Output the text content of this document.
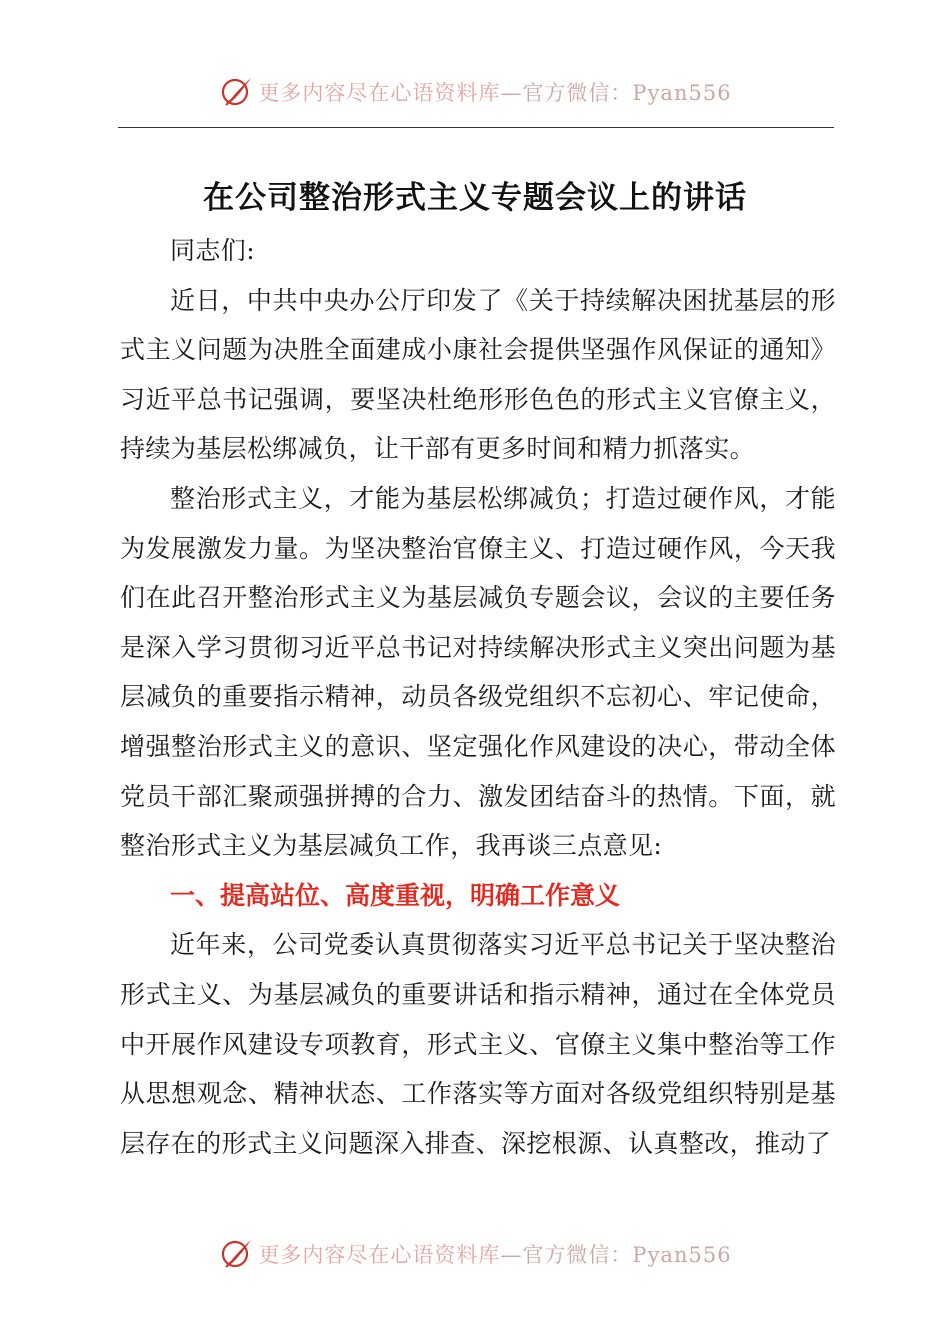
更多内容尽在心语资料库—官方微信：Pyan556
在公司整治形式主义专题会议上的讲话

同志们:

近日，中共中央办公厅印发了《关于持续解决困扰基层的形式主义问题为决胜全面建成小康社会提供坚强作风保证的通知》习近平总书记强调，要坚决杜绝形形色色的形式主义官僚主义，持续为基层松绑减负，让干部有更多时间和精力抓落实。

整治形式主义，才能为基层松绑减负；打造过硬作风，才能为发展激发力量。为坚决整治官僚主义、打造过硬作风，今天我们在此召开整治形式主义为基层减负专题会议，会议的主要任务是深入学习贯彻习近平总书记对持续解决形式主义突出问题为基层减负的重要指示精神，动员各级党组织不忘初心、牢记使命，增强整治形式主义的意识、坚定强化作风建设的决心，带动全体党员干部汇聚顽强拼搏的合力、激发团结奋斗的热情。下面，就整治形式主义为基层减负工作，我再谈三点意见:

一、提高站位、高度重视，明确工作意义

近年来，公司党委认真贯彻落实习近平总书记关于坚决整治形式主义、为基层减负的重要讲话和指示精神，通过在全体党员中开展作风建设专项教育，形式主义、官僚主义集中整治等工作从思想观念、精神状态、工作落实等方面对各级党组织特别是基层存在的形式主义问题深入排查、深挖根源、认真整改，推动了

更多内容尽在心语资料库—官方微信：Pyan556
